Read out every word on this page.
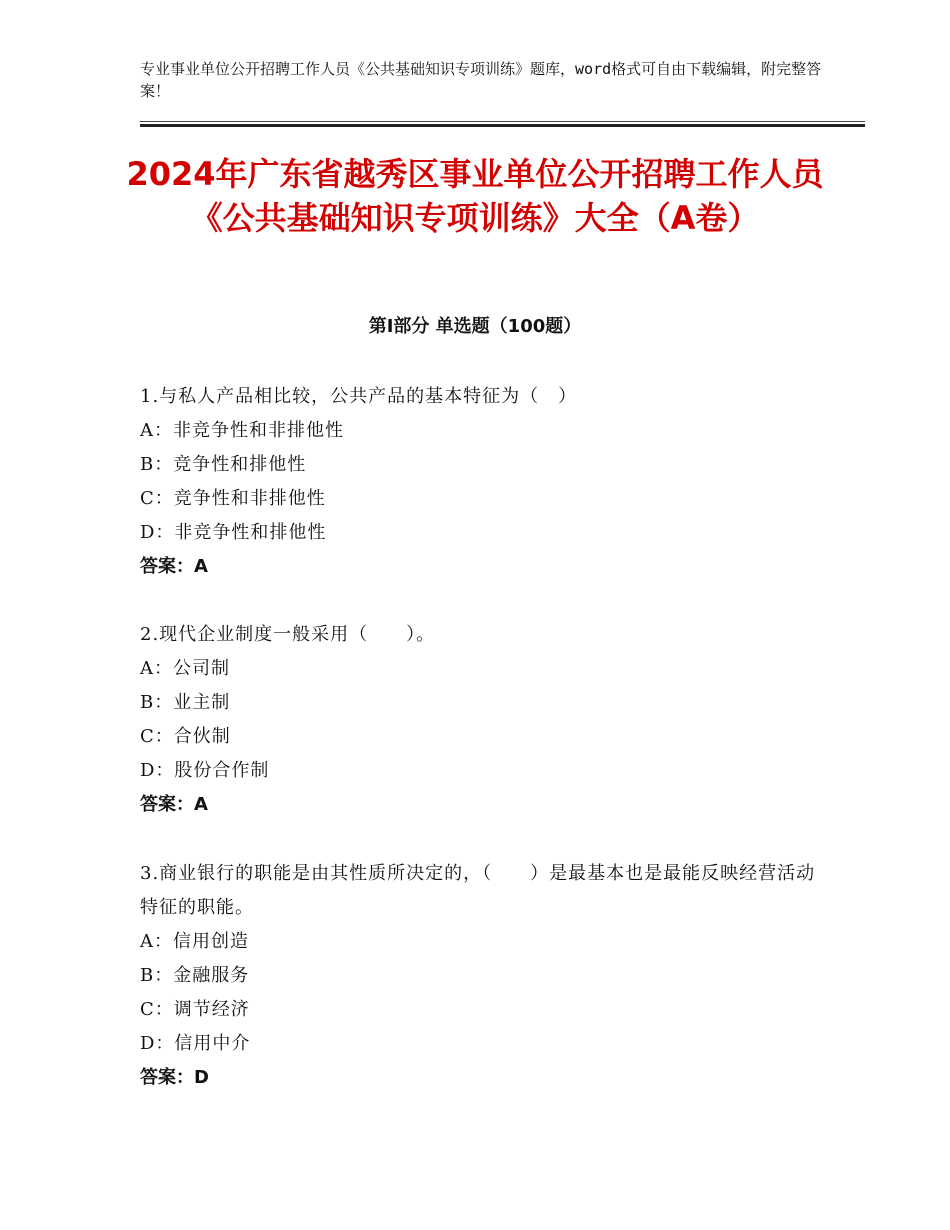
专业事业单位公开招聘工作人员《公共基础知识专项训练》题库，word格式可自由下载编辑，附完整答案！
2024年广东省越秀区事业单位公开招聘工作人员《公共基础知识专项训练》大全（A卷）
第Ⅰ部分 单选题（100题）
1.与私人产品相比较，公共产品的基本特征为（　）
A：非竞争性和非排他性
B：竞争性和排他性
C：竞争性和非排他性
D：非竞争性和排他性
答案：A
2.现代企业制度一般采用（　　）。
A：公司制
B：业主制
C：合伙制
D：股份合作制
答案：A
3.商业银行的职能是由其性质所决定的，（　　）是最基本也是最能反映经营活动特征的职能。
A：信用创造
B：金融服务
C：调节经济
D：信用中介
答案：D
